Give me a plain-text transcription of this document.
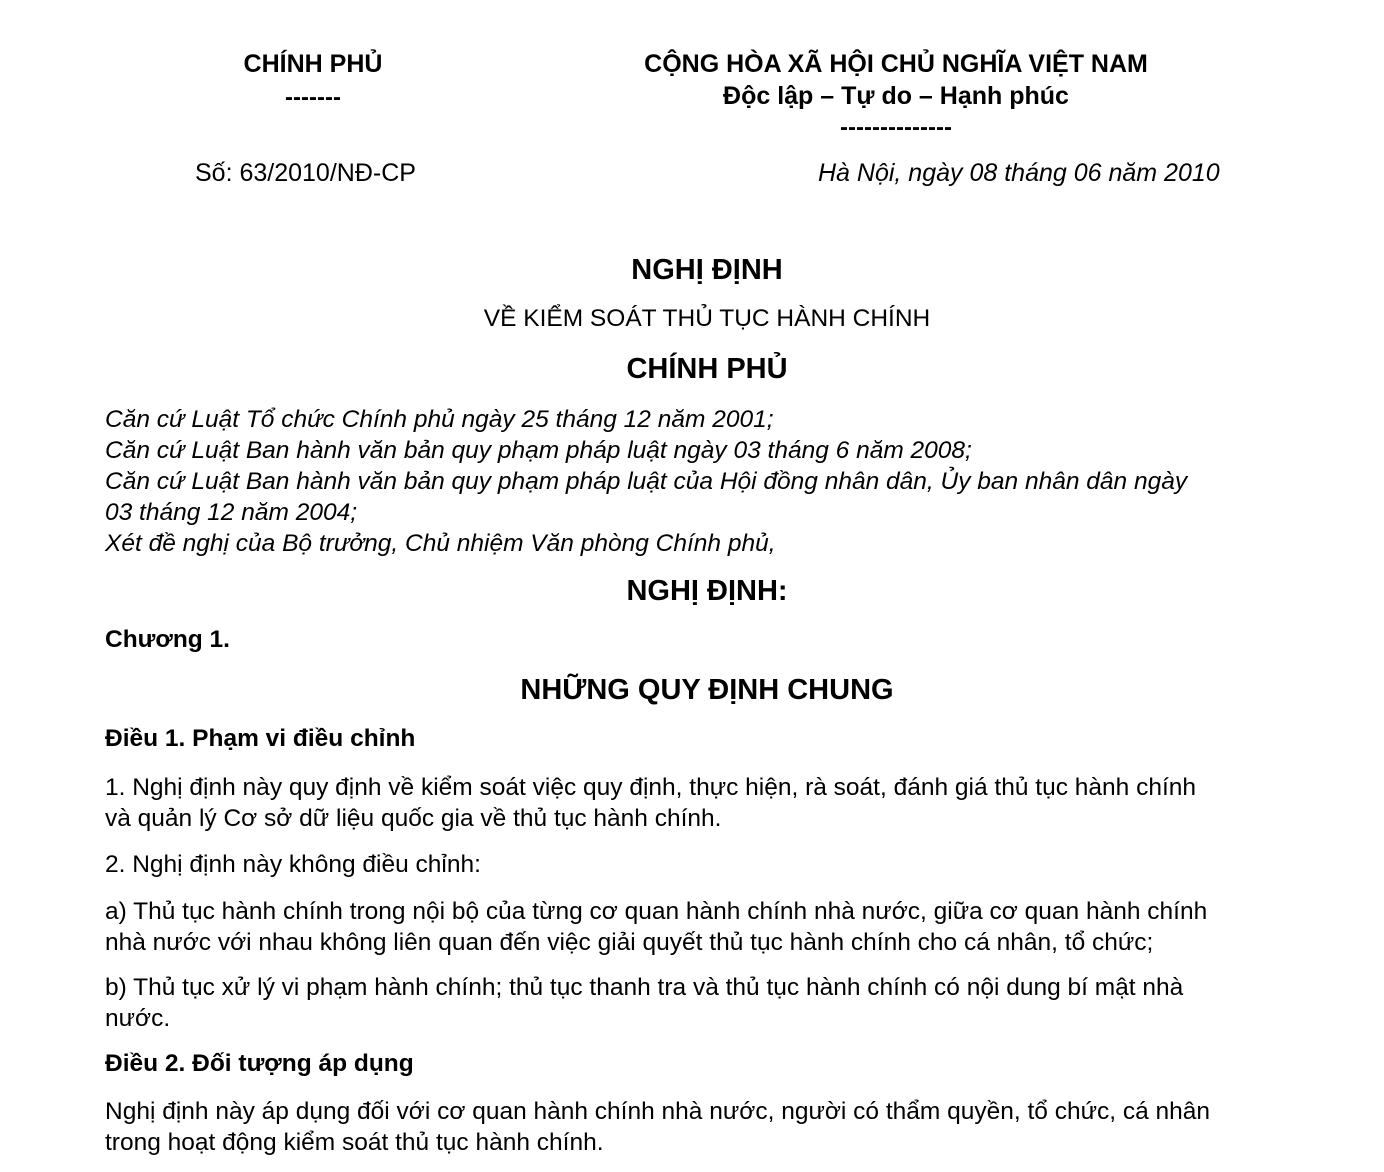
CHÍNH PHỦ
-------
Số: 63/2010/NĐ-CP
CỘNG HÒA XÃ HỘI CHỦ NGHĨA VIỆT NAM
Độc lập – Tự do – Hạnh phúc
--------------
Hà Nội, ngày 08 tháng 06 năm 2010
NGHỊ ĐỊNH
VỀ KIỂM SOÁT THỦ TỤC HÀNH CHÍNH
CHÍNH PHỦ
Căn cứ Luật Tổ chức Chính phủ ngày 25 tháng 12 năm 2001;
Căn cứ Luật Ban hành văn bản quy phạm pháp luật ngày 03 tháng 6 năm 2008;
Căn cứ Luật Ban hành văn bản quy phạm pháp luật của Hội đồng nhân dân, Ủy ban nhân dân ngày
03 tháng 12 năm 2004;
Xét đề nghị của Bộ trưởng, Chủ nhiệm Văn phòng Chính phủ,
NGHỊ ĐỊNH:
Chương 1.
NHỮNG QUY ĐỊNH CHUNG
Điều 1. Phạm vi điều chỉnh
1. Nghị định này quy định về kiểm soát việc quy định, thực hiện, rà soát, đánh giá thủ tục hành chính
và quản lý Cơ sở dữ liệu quốc gia về thủ tục hành chính.
2. Nghị định này không điều chỉnh:
a) Thủ tục hành chính trong nội bộ của từng cơ quan hành chính nhà nước, giữa cơ quan hành chính
nhà nước với nhau không liên quan đến việc giải quyết thủ tục hành chính cho cá nhân, tổ chức;
b) Thủ tục xử lý vi phạm hành chính; thủ tục thanh tra và thủ tục hành chính có nội dung bí mật nhà
nước.
Điều 2. Đối tượng áp dụng
Nghị định này áp dụng đối với cơ quan hành chính nhà nước, người có thẩm quyền, tổ chức, cá nhân
trong hoạt động kiểm soát thủ tục hành chính.
